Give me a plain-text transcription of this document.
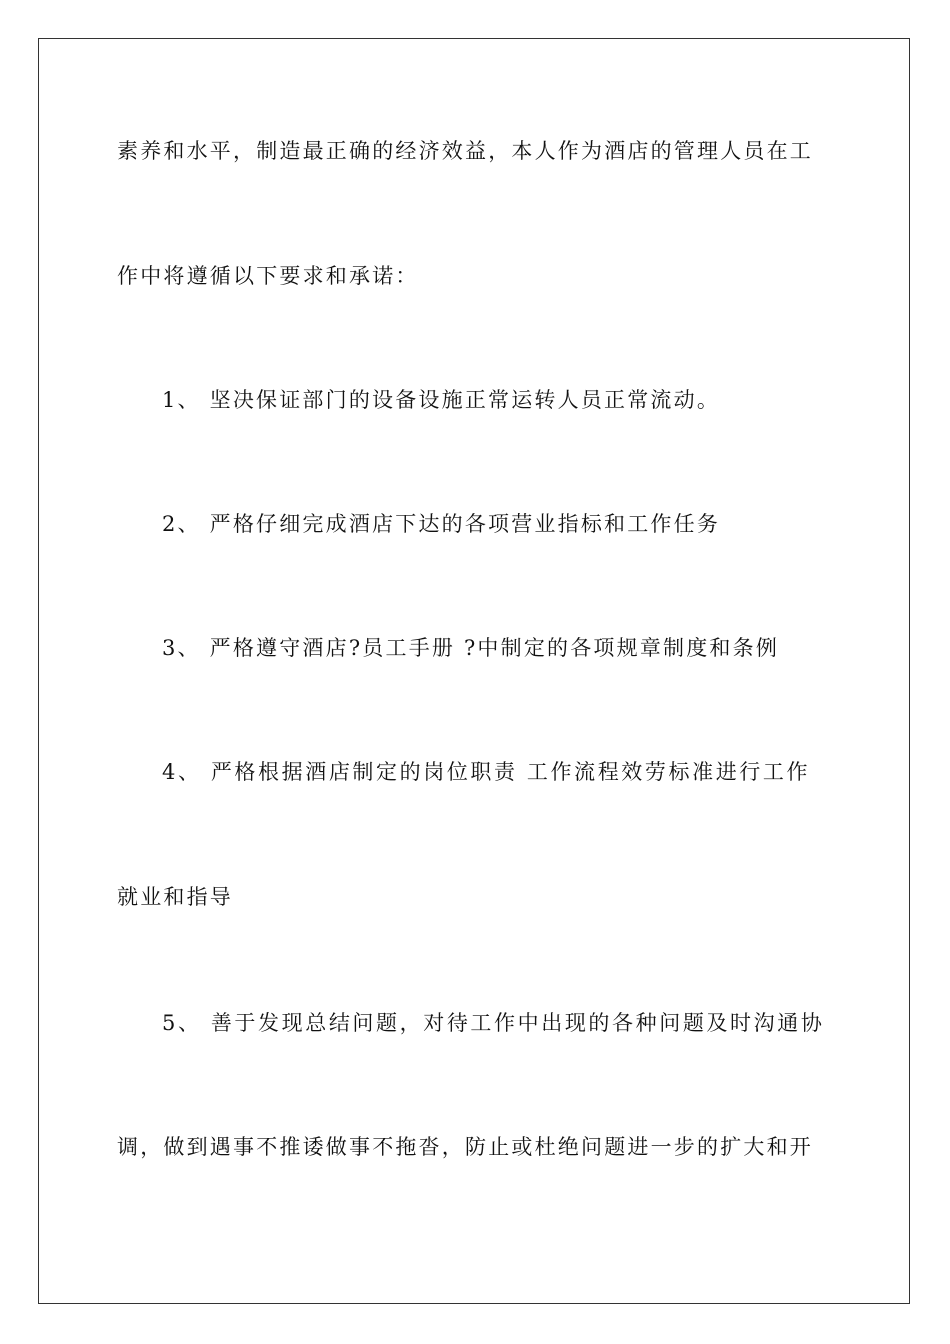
素养和水平，制造最正确的经济效益，本人作为酒店的管理人员在工
作中将遵循以下要求和承诺：
1、 坚决保证部门的设备设施正常运转人员正常流动。
2、 严格仔细完成酒店下达的各项营业指标和工作任务
3、 严格遵守酒店?员工手册 ?中制定的各项规章制度和条例
4、 严格根据酒店制定的岗位职责 工作流程效劳标准进行工作
就业和指导
5、 善于发现总结问题，对待工作中出现的各种问题及时沟通协
调，做到遇事不推诿做事不拖沓，防止或杜绝问题进一步的扩大和开
